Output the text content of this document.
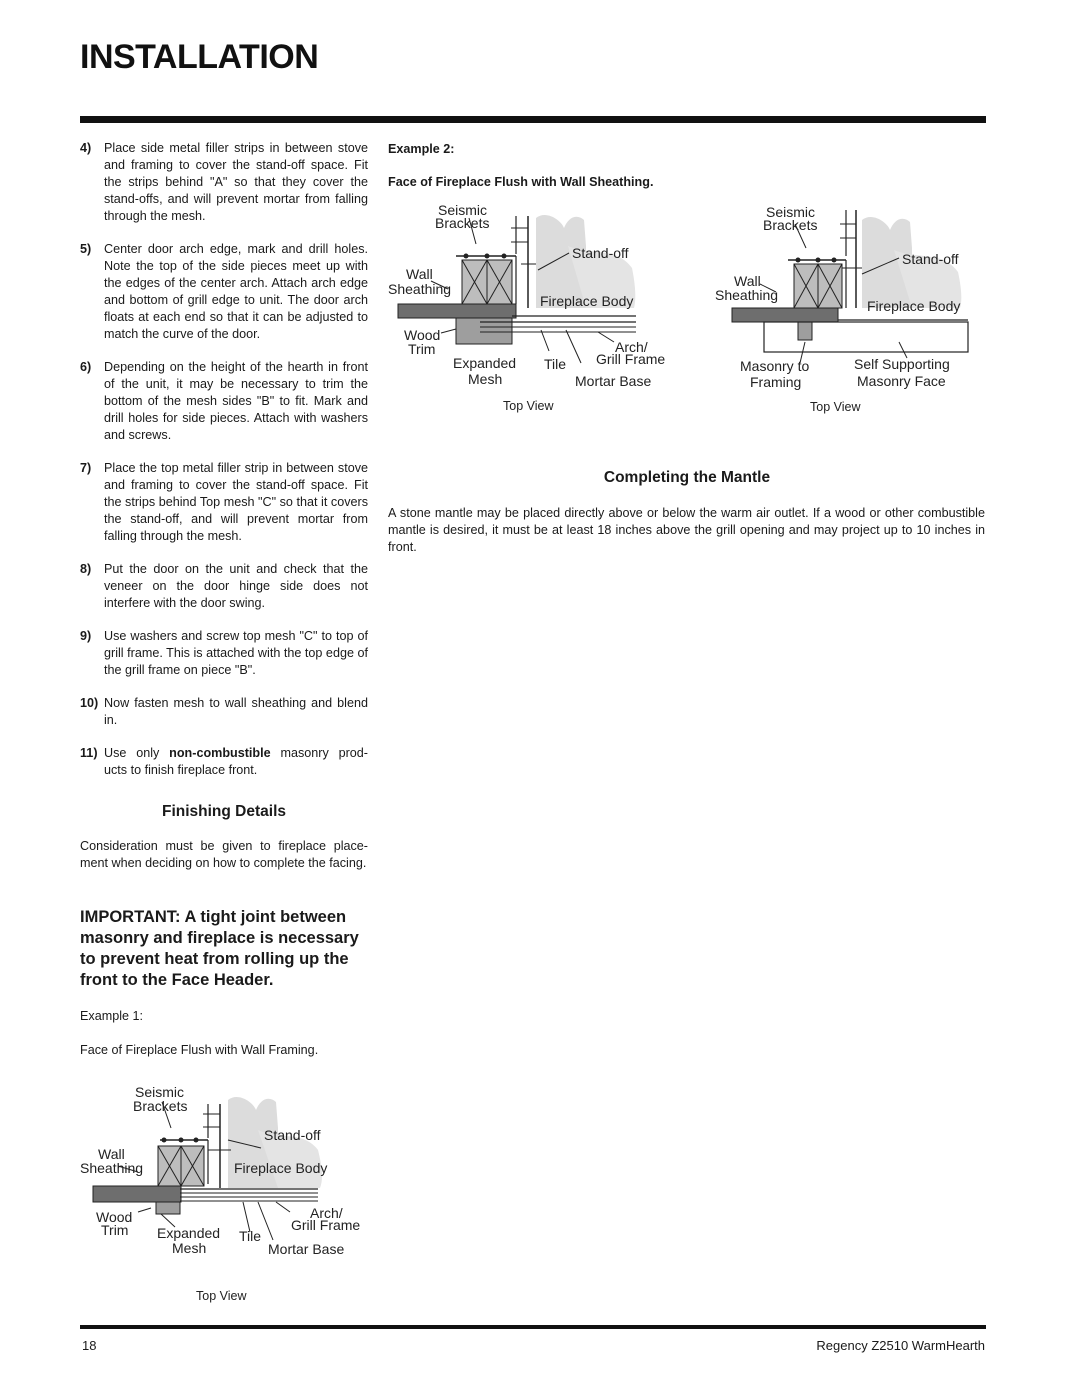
INSTALLATION
4)	Place side metal filler strips in between stove and framing to cover the stand-off space. Fit the strips behind "A" so that they cover the stand-offs, and will prevent mortar from falling through the mesh.
5)	Center door arch edge, mark and drill holes. Note the top of the side pieces meet up with the edges of the center arch. Attach arch edge and bottom of grill edge to unit. The door arch floats at each end so that it can be adjusted to match the curve of the door.
6)	Depending on the height of the hearth in front of the unit, it may be necessary to trim the bottom of the mesh sides "B" to fit. Mark and drill holes for side pieces. Attach with washers and screws.
7)	Place the top metal filler strip in between stove and framing to cover the stand-off space. Fit the strips behind Top mesh "C" so that it covers the stand-off, and will prevent mortar from falling through the mesh.
8)	Put the door on the unit and check that the veneer on the door hinge side does not interfere with the door swing.
9)	Use washers and screw top mesh "C" to top of grill frame. This is attached with the top edge of the grill frame on piece "B".
10) Now fasten mesh to wall sheathing and blend in.
11) Use only non-combustible masonry prod- ucts to finish fireplace front.
Finishing Details
Consideration must be given to fireplace place- ment when deciding on how to complete the facing.
IMPORTANT: A tight joint between masonry and fireplace is necessary to prevent heat from rolling up the front to the Face Header.
Example 1:
Face of Fireplace Flush with Wall Framing.
Seismic
Brackets
Stand-off
Wall
Sheathing	Fireplace Body
Wood
Trim Expanded
Mesh
Tile
Arch/
Grill Frame
Mortar Base
Top View
Example 2:
Face of Fireplace Flush with Wall Sheathing.
Seismic
Brackets
Stand-off
Wall
Sheathing
Fireplace Body
Wood
Trim
Expanded
Mesh
Tile
Arch/
Grill Frame
Mortar Base
Top View
Seismic
Brackets
Stand-off
Wall
Sheathing
Fireplace Body
Masonry to
Framing
Self Supporting
Masonry Face
Top View
Completing the Mantle
A stone mantle may be placed directly above or below the warm air outlet. If a wood or other combustible mantle is desired, it must be at least 18 inches above the grill opening and may project up to 10 inches in front.
18	Regency Z2510 WarmHearth
